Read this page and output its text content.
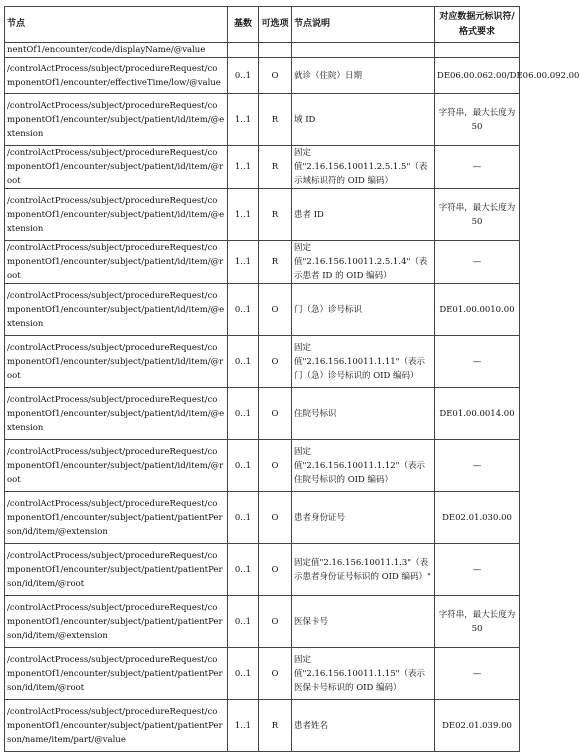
节点	基数	可选项	节点说明	对应数据元标识符/格式要求
nentOf1/encounter/code/displayName/@value				
/controlActProcess/subject/procedureRequest/componentOf1/encounter/effectiveTime/low/@value	0..1	O	就诊（住院）日期	DE06.00.062.00/DE06.00.092.00
/controlActProcess/subject/procedureRequest/componentOf1/encounter/subject/patient/id/item/@extension	1..1	R	域 ID	字符串，最大长度为 50
/controlActProcess/subject/procedureRequest/componentOf1/encounter/subject/patient/id/item/@root	1..1	R	固定值"2.16.156.10011.2.5.1.5"（表示域标识符的 OID 编码）	—
/controlActProcess/subject/procedureRequest/componentOf1/encounter/subject/patient/id/item/@extension	1..1	R	患者 ID	字符串，最大长度为 50
/controlActProcess/subject/procedureRequest/componentOf1/encounter/subject/patient/id/item/@root	1..1	R	固定值"2.16.156.10011.2.5.1.4"（表示患者 ID 的 OID 编码）	—
/controlActProcess/subject/procedureRequest/componentOf1/encounter/subject/patient/id/item/@extension	0..1	O	门（急）诊号标识	DE01.00.0010.00
/controlActProcess/subject/procedureRequest/componentOf1/encounter/subject/patient/id/item/@root	0..1	O	固定值"2.16.156.10011.1.11"（表示门（急）诊号标识的 OID 编码）	—
/controlActProcess/subject/procedureRequest/componentOf1/encounter/subject/patient/id/item/@extension	0..1	O	住院号标识	DE01.00.0014.00
/controlActProcess/subject/procedureRequest/componentOf1/encounter/subject/patient/id/item/@root	0..1	O	固定值"2.16.156.10011.1.12"（表示住院号标识的 OID 编码）	—
/controlActProcess/subject/procedureRequest/componentOf1/encounter/subject/patient/patientPerson/id/item/@extension	0..1	O	患者身份证号	DE02.01.030.00
/controlActProcess/subject/procedureRequest/componentOf1/encounter/subject/patient/patientPerson/id/item/@root	0..1	O	固定值"2.16.156.10011.1.3"（表示患者身份证号标识的 OID 编码）"	—
/controlActProcess/subject/procedureRequest/componentOf1/encounter/subject/patient/patientPerson/id/item/@extension	0..1	O	医保卡号	字符串，最大长度为 50
/controlActProcess/subject/procedureRequest/componentOf1/encounter/subject/patient/patientPerson/id/item/@root	0..1	O	固定值"2.16.156.10011.1.15"（表示医保卡号标识的 OID 编码）	—
/controlActProcess/subject/procedureRequest/componentOf1/encounter/subject/patient/patientPerson/name/item/part/@value	1..1	R	患者姓名	DE02.01.039.00
